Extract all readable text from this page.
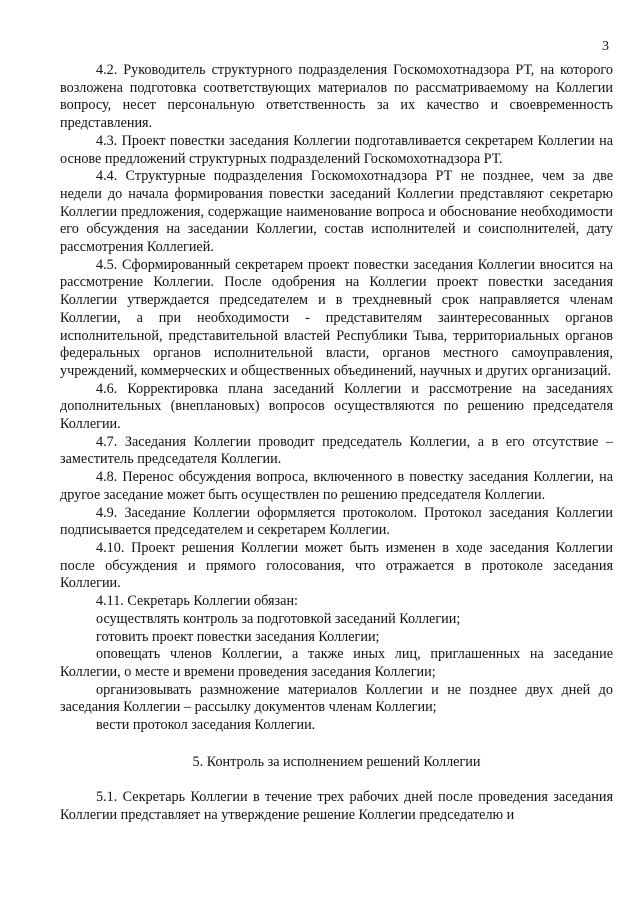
3

4.2. Руководитель структурного подразделения Госкомохотнадзора РТ, на которого возложена подготовка соответствующих материалов по рассматриваемому на Коллегии вопросу, несет персональную ответственность за их качество и своевременность представления.

4.3. Проект повестки заседания Коллегии подготавливается секретарем Коллегии на основе предложений структурных подразделений Госкомохотнадзора РТ.

4.4. Структурные подразделения Госкомохотнадзора РТ не позднее, чем за две недели до начала формирования повестки заседаний Коллегии представляют секретарю Коллегии предложения, содержащие наименование вопроса и обоснование необходимости его обсуждения на заседании Коллегии, состав исполнителей и соисполнителей, дату рассмотрения Коллегией.

4.5. Сформированный секретарем проект повестки заседания Коллегии вносится на рассмотрение Коллегии. После одобрения на Коллегии проект повестки заседания Коллегии утверждается председателем и в трехдневный срок направляется членам Коллегии, а при необходимости - представителям заинтересованных органов исполнительной, представительной властей Республики Тыва, территориальных органов федеральных органов исполнительной власти, органов местного самоуправления, учреждений, коммерческих и общественных объединений, научных и других организаций.

4.6. Корректировка плана заседаний Коллегии и рассмотрение на заседаниях дополнительных (внеплановых) вопросов осуществляются по решению председателя Коллегии.

4.7. Заседания Коллегии проводит председатель Коллегии, а в его отсутствие – заместитель председателя Коллегии.

4.8. Перенос обсуждения вопроса, включенного в повестку заседания Коллегии, на другое заседание может быть осуществлен по решению председателя Коллегии.

4.9. Заседание Коллегии оформляется протоколом. Протокол заседания Коллегии подписывается председателем и секретарем Коллегии.

4.10. Проект решения Коллегии может быть изменен в ходе заседания Коллегии после обсуждения и прямого голосования, что отражается в протоколе заседания Коллегии.

4.11. Секретарь Коллегии обязан:

осуществлять контроль за подготовкой заседаний Коллегии;

готовить проект повестки заседания Коллегии;

оповещать членов Коллегии, а также иных лиц, приглашенных на заседание Коллегии, о месте и времени проведения заседания Коллегии;

организовывать размножение материалов Коллегии и не позднее двух дней до заседания Коллегии – рассылку документов членам Коллегии;

вести протокол заседания Коллегии.

5. Контроль за исполнением решений Коллегии

5.1. Секретарь Коллегии в течение трех рабочих дней после проведения заседания Коллегии представляет на утверждение решение Коллегии председателю и
